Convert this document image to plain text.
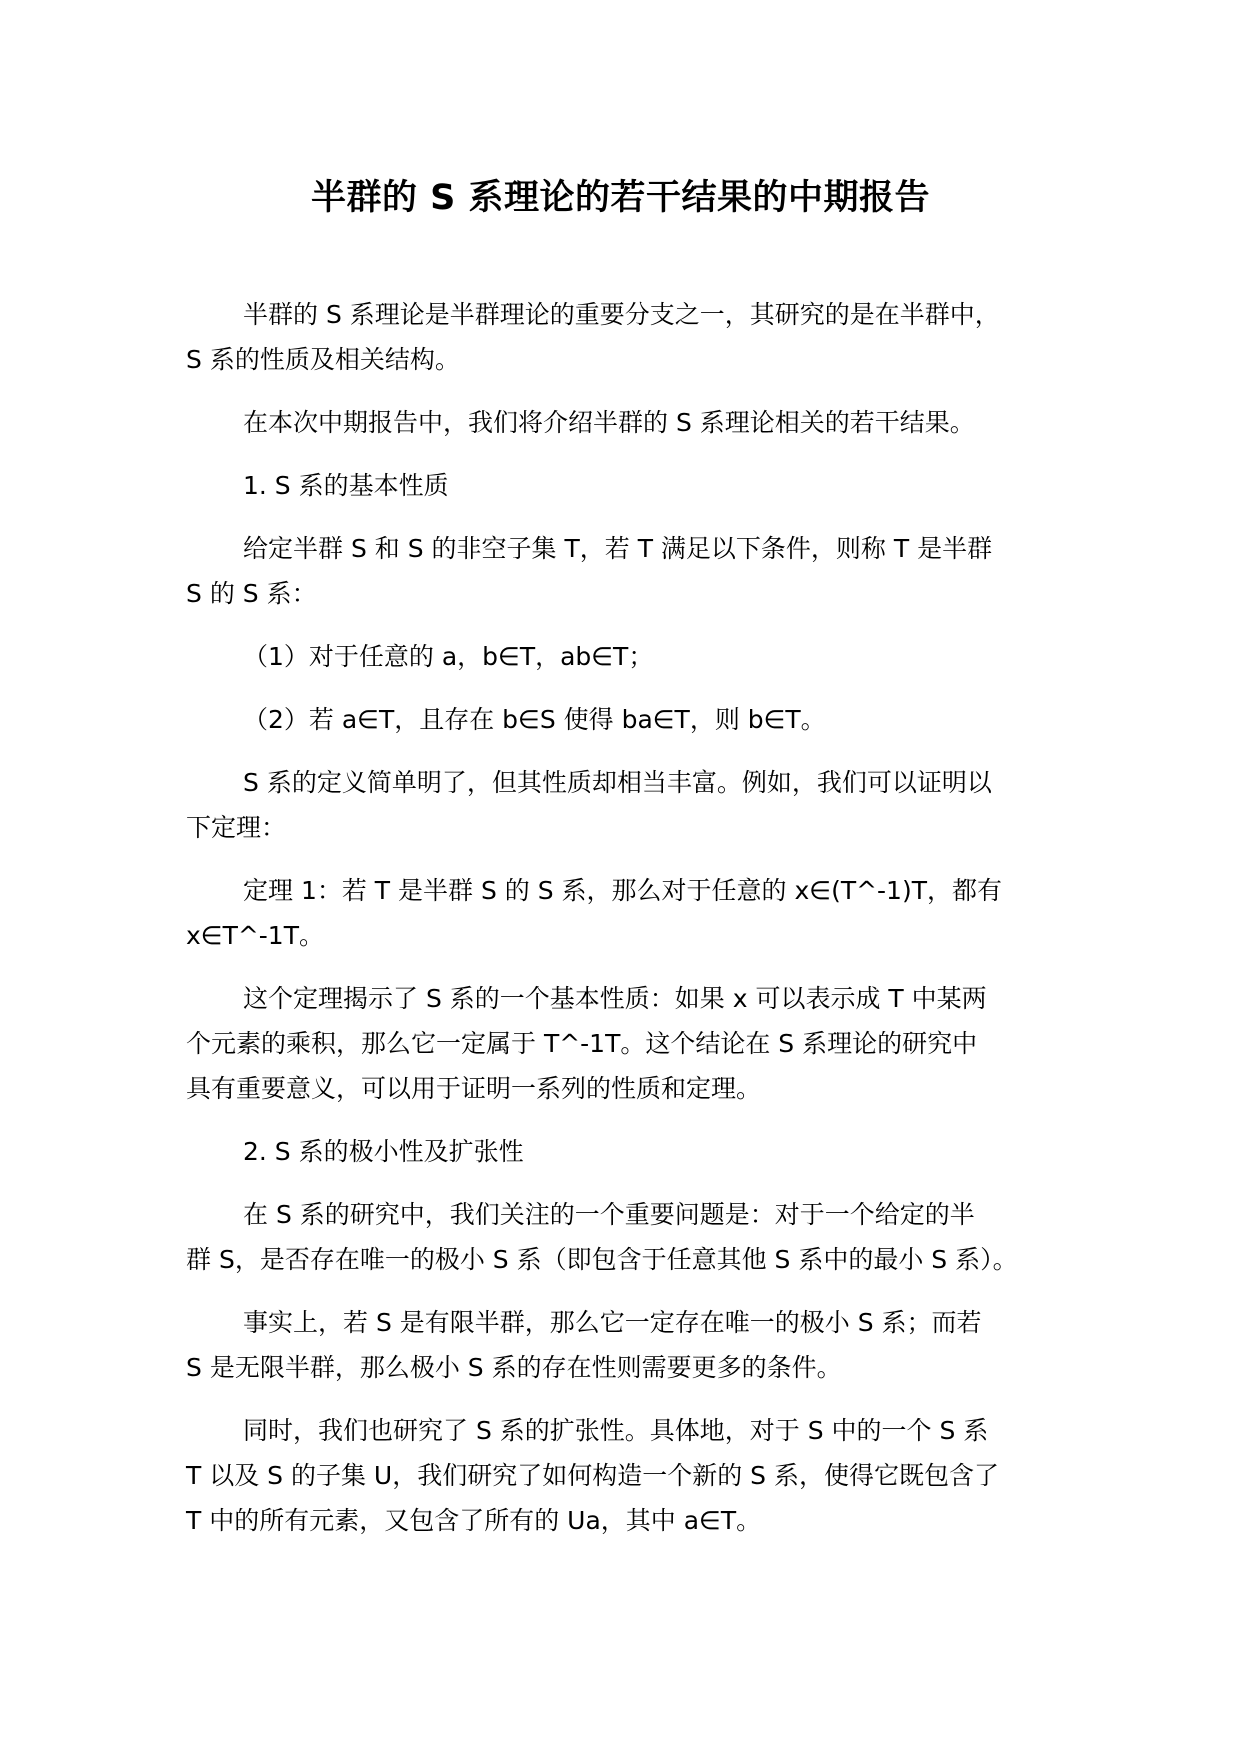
半群的 S 系理论的若干结果的中期报告

半群的 S 系理论是半群理论的重要分支之一，其研究的是在半群中，
S 系的性质及相关结构。

在本次中期报告中，我们将介绍半群的 S 系理论相关的若干结果。

1. S 系的基本性质

给定半群 S 和 S 的非空子集 T，若 T 满足以下条件，则称 T 是半群
S 的 S 系：

（1）对于任意的 a，b∈T，ab∈T；

（2）若 a∈T，且存在 b∈S 使得 ba∈T，则 b∈T。

S 系的定义简单明了，但其性质却相当丰富。例如，我们可以证明以
下定理：

定理 1：若 T 是半群 S 的 S 系，那么对于任意的 x∈(T^-1)T，都有
x∈T^-1T。

这个定理揭示了 S 系的一个基本性质：如果 x 可以表示成 T 中某两
个元素的乘积，那么它一定属于 T^-1T。这个结论在 S 系理论的研究中
具有重要意义，可以用于证明一系列的性质和定理。

2. S 系的极小性及扩张性

在 S 系的研究中，我们关注的一个重要问题是：对于一个给定的半
群 S，是否存在唯一的极小 S 系（即包含于任意其他 S 系中的最小 S 系）。

事实上，若 S 是有限半群，那么它一定存在唯一的极小 S 系；而若
S 是无限半群，那么极小 S 系的存在性则需要更多的条件。

同时，我们也研究了 S 系的扩张性。具体地，对于 S 中的一个 S 系
T 以及 S 的子集 U，我们研究了如何构造一个新的 S 系，使得它既包含了
T 中的所有元素，又包含了所有的 Ua，其中 a∈T。
